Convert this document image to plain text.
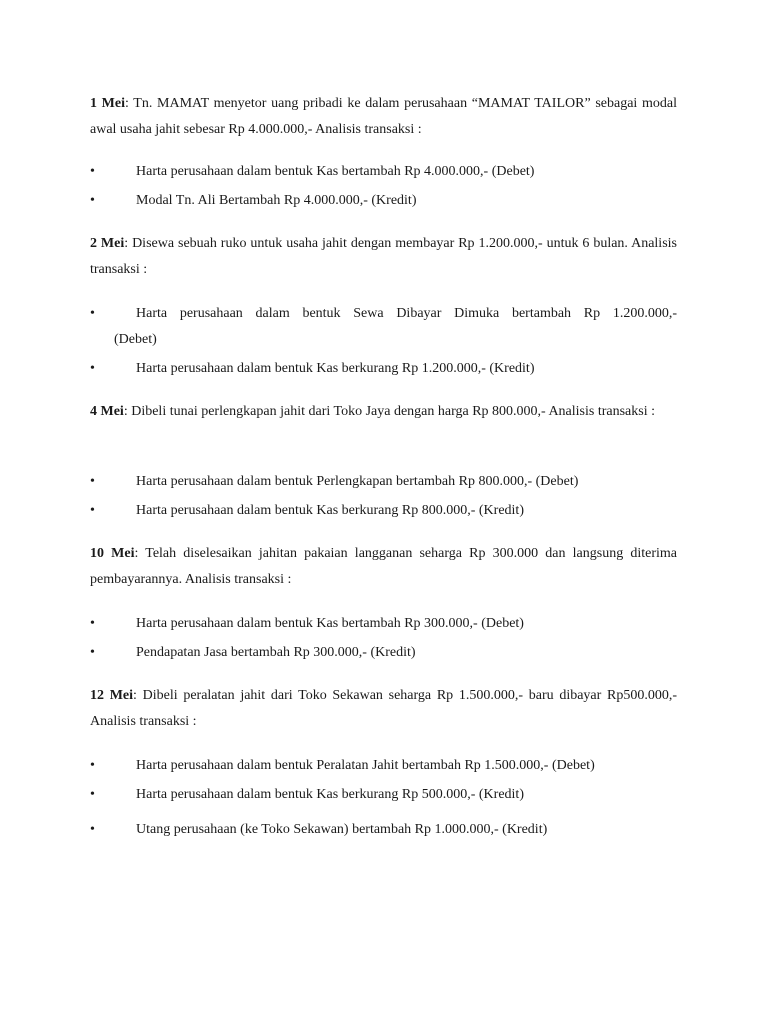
1 Mei: Tn. MAMAT menyetor uang pribadi ke dalam perusahaan “MAMAT TAILOR” sebagai modal awal usaha jahit sebesar Rp 4.000.000,- Analisis transaksi :

•	Harta perusahaan dalam bentuk Kas bertambah Rp 4.000.000,- (Debet)
•	Modal Tn. Ali Bertambah Rp 4.000.000,- (Kredit)

2 Mei: Disewa sebuah ruko untuk usaha jahit dengan membayar Rp 1.200.000,- untuk 6 bulan. Analisis transaksi :

•	Harta perusahaan dalam bentuk Sewa Dibayar Dimuka bertambah Rp 1.200.000,-
(Debet)
•	Harta perusahaan dalam bentuk Kas berkurang Rp 1.200.000,- (Kredit)

4 Mei: Dibeli tunai perlengkapan jahit dari Toko Jaya dengan harga Rp 800.000,- Analisis transaksi :

•	Harta perusahaan dalam bentuk Perlengkapan bertambah Rp 800.000,- (Debet)
•	Harta perusahaan dalam bentuk Kas berkurang Rp 800.000,- (Kredit)

10 Mei: Telah diselesaikan jahitan pakaian langganan seharga Rp 300.000 dan langsung diterima pembayarannya. Analisis transaksi :

•	Harta perusahaan dalam bentuk Kas bertambah Rp 300.000,- (Debet)
•	Pendapatan Jasa bertambah Rp 300.000,- (Kredit)

12 Mei: Dibeli peralatan jahit dari Toko Sekawan seharga Rp 1.500.000,- baru dibayar Rp500.000,- Analisis transaksi :

•	Harta perusahaan dalam bentuk Peralatan Jahit bertambah Rp 1.500.000,- (Debet)
•	Harta perusahaan dalam bentuk Kas berkurang Rp 500.000,- (Kredit)
•	Utang perusahaan (ke Toko Sekawan) bertambah Rp 1.000.000,- (Kredit)
